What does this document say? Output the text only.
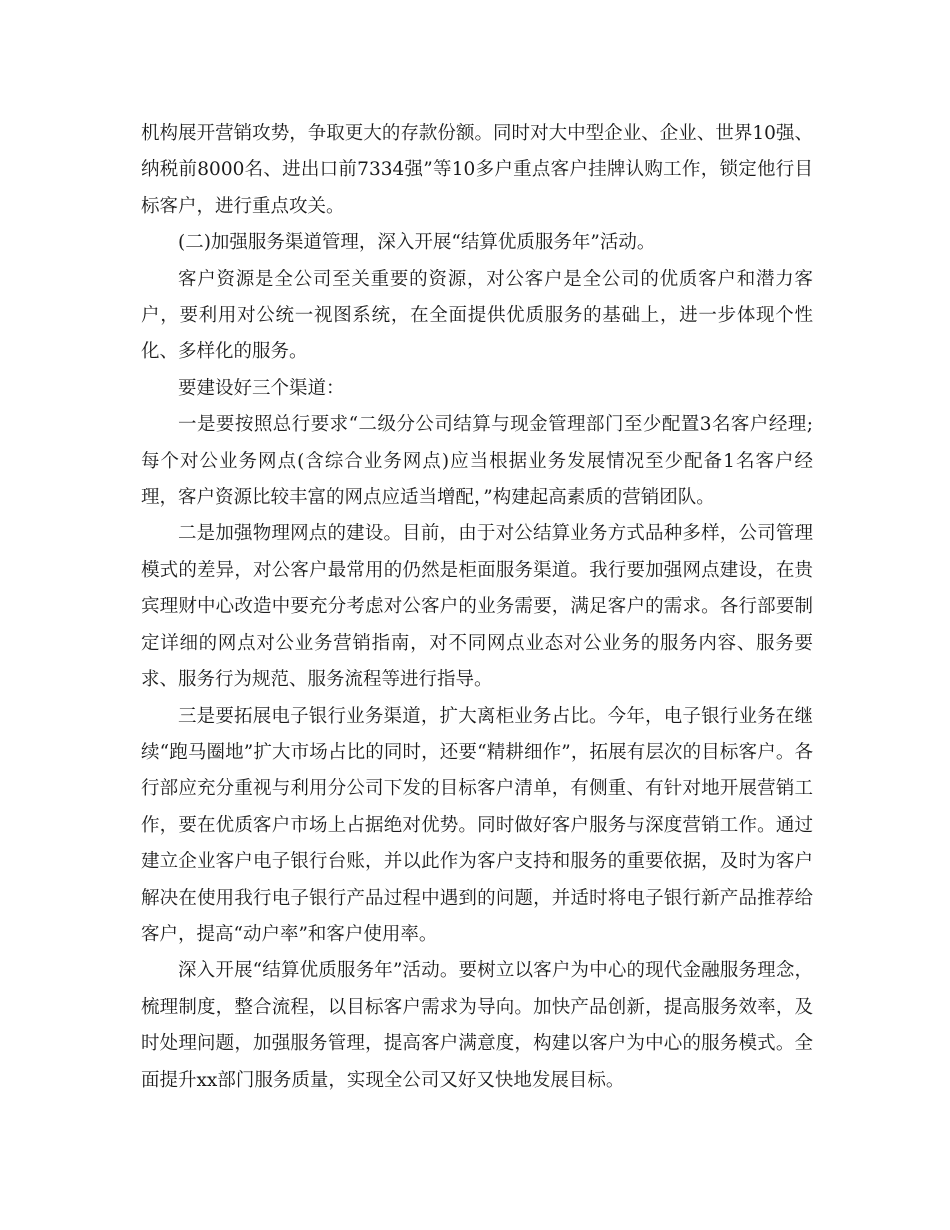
机构展开营销攻势，争取更大的存款份额。同时对大中型企业、企业、世界10强、纳税前8000名、进出口前7334强”等10多户重点客户挂牌认购工作，锁定他行目标客户，进行重点攻关。

(二)加强服务渠道管理，深入开展“结算优质服务年”活动。

客户资源是全公司至关重要的资源，对公客户是全公司的优质客户和潜力客户，要利用对公统一视图系统，在全面提供优质服务的基础上，进一步体现个性化、多样化的服务。

要建设好三个渠道：

一是要按照总行要求“二级分公司结算与现金管理部门至少配置3名客户经理;每个对公业务网点(含综合业务网点)应当根据业务发展情况至少配备1名客户经理，客户资源比较丰富的网点应适当增配，”构建起高素质的营销团队。

二是加强物理网点的建设。目前，由于对公结算业务方式品种多样，公司管理模式的差异，对公客户最常用的仍然是柜面服务渠道。我行要加强网点建设，在贵宾理财中心改造中要充分考虑对公客户的业务需要，满足客户的需求。各行部要制定详细的网点对公业务营销指南，对不同网点业态对公业务的服务内容、服务要求、服务行为规范、服务流程等进行指导。

三是要拓展电子银行业务渠道，扩大离柜业务占比。今年，电子银行业务在继续“跑马圈地”扩大市场占比的同时，还要“精耕细作”，拓展有层次的目标客户。各行部应充分重视与利用分公司下发的目标客户清单，有侧重、有针对地开展营销工作，要在优质客户市场上占据绝对优势。同时做好客户服务与深度营销工作。通过建立企业客户电子银行台账，并以此作为客户支持和服务的重要依据，及时为客户解决在使用我行电子银行产品过程中遇到的问题，并适时将电子银行新产品推荐给客户，提高“动户率”和客户使用率。

深入开展“结算优质服务年”活动。要树立以客户为中心的现代金融服务理念，梳理制度，整合流程，以目标客户需求为导向。加快产品创新，提高服务效率，及时处理问题，加强服务管理，提高客户满意度，构建以客户为中心的服务模式。全面提升xx部门服务质量，实现全公司又好又快地发展目标。
